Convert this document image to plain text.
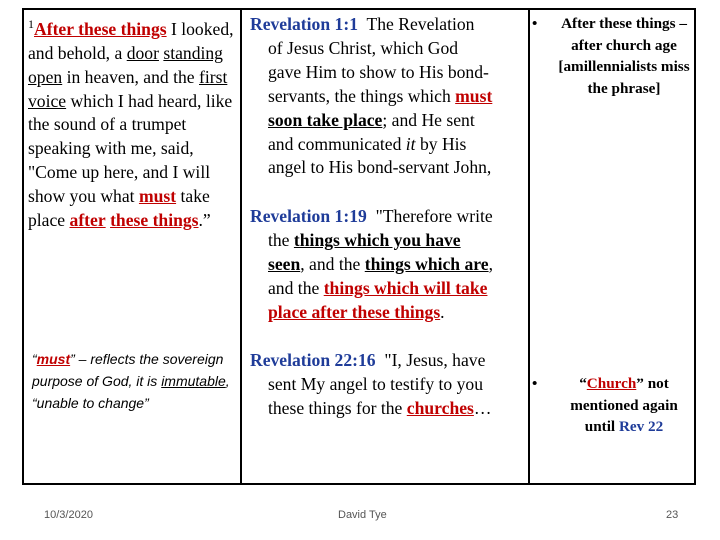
$^1$After these things I looked, and behold, a door standing open in heaven, and the first voice which I had heard, like the sound of a trumpet speaking with me, said, "Come up here, and I will show you what must take place after these things.”
“must” – reflects the sovereign purpose of God, it is immutable, “unable to change”
Revelation 1:1 The Revelation
of Jesus Christ, which God
gave Him to show to His bond-
servants, the things which must
soon take place; and He sent
and communicated it by His
angel to His bond-servant John,
Revelation 1:19 "Therefore write
the things which you have
seen, and the things which are,
and the things which will take
place after these things.
Revelation 22:16 "I, Jesus, have
sent My angel to testify to you
these things for the churches…
•	After these things – after church age [amillennialists miss the phrase]
•	“Church” not mentioned again until Rev 22
10/3/2020	David Tye	23
